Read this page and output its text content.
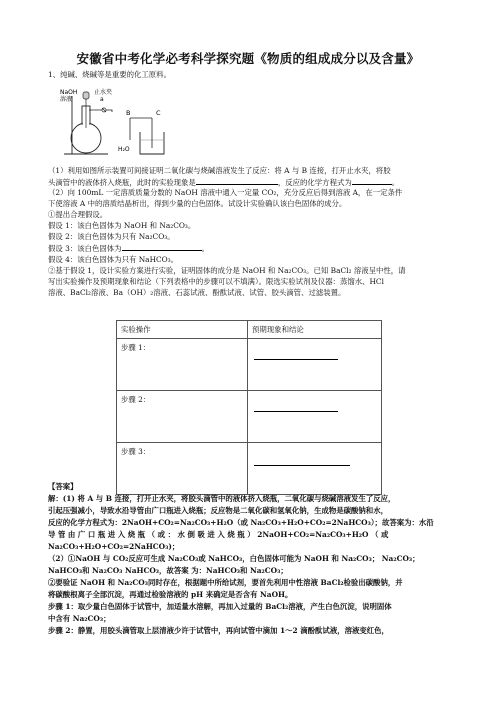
安徽省中考化学必考科学探究题《物质的组成成分以及含量》
1、纯碱、烧碱等是重要的化工原料。
NaOH
溶液
止水夹
a
B	C
H₂O
（1）利用如图所示装置可间接证明二氧化碳与烧碱溶液发生了反应：将 A 与 B 连接，打开止水夹，将胶
头滴管中的液体挤入烧瓶，此时的实验现象是	，反应的化学方程式为	。
（2）向 100mL 一定溶质质量分数的 NaOH 溶液中通入一定量 CO₂，充分反应后得到溶液 A，在一定条件
下使溶液 A 中的溶质结晶析出，得到少量的白色固体。试设计实验确认该白色固体的成分。
①提出合理假设。
假设 1：该白色固体为 NaOH 和 Na₂CO₃。
假设 2：该白色固体为只有 Na₂CO₃。
假设 3：该白色固体为	。
假设 4：该白色固体为只有 NaHCO₃。
②基于假设 1，设计实验方案进行实验，证明固体的成分是 NaOH 和 Na₂CO₃。已知 BaCl₂ 溶液呈中性，请
写出实验操作及预期现象和结论（下列表格中的步骤可以不填满）。限选实验试剂及仪器：蒸馏水、HCl
溶液、BaCl₂溶液、Ba（OH）₂溶液、石蕊试液、酚酞试液、试管、胶头滴管、过滤装置。
实验操作	预期现象和结论
步骤 1：	

步骤 2：	

步骤 3：	
【答案】
解：(1) 将 A 与 B 连接，打开止水夹，将胶头滴管中的液体挤入烧瓶，二氧化碳与烧碱溶液发生了反应，
引起压强减小，导致水沿导管由广口瓶进入烧瓶；反应物是二氧化碳和氢氧化钠，生成物是碳酸钠和水，
反应的化学方程式为：2NaOH+CO₂=Na₂CO₃+H₂O（或 Na₂CO₃+H₂O+CO₂=2NaHCO₃）；故答案为：水沿
导 管 由 广 口 瓶 进 入 烧 瓶 （ 或 ： 水 倒 吸 进 入 烧 瓶 ） 2NaOH+CO₂=Na₂CO₃+H₂O （ 或
Na₂CO₃+H₂O+CO₂=2NaHCO₃)；
（2）①NaOH 与 CO₂反应可生成 Na₂CO₃或 NaHCO₃，白色固体可能为 NaOH 和 Na₂CO₃； Na₂CO₃；
NaHCO₃和 Na₂CO₃ NaHCO₃，故答案 为：NaHCO₃和 Na₂CO₃；
②要验证 NaOH 和 Na₂CO₃同时存在，根据题中所给试剂，要首先利用中性溶液 BaCl₂检验出碳酸钠，并
将碳酸根离子全部沉淀，再通过检验溶液的 pH 来确定是否含有 NaOH。
步骤 1：取少量白色固体于试管中，加适量水溶解，再加入过量的 BaCl₂溶液，产生白色沉淀，说明固体
中含有 Na₂CO₃；
步骤 2：静置，用胶头滴管取上层清液少许于试管中，再向试管中滴加 1～2 滴酚酞试液，溶液变红色，
